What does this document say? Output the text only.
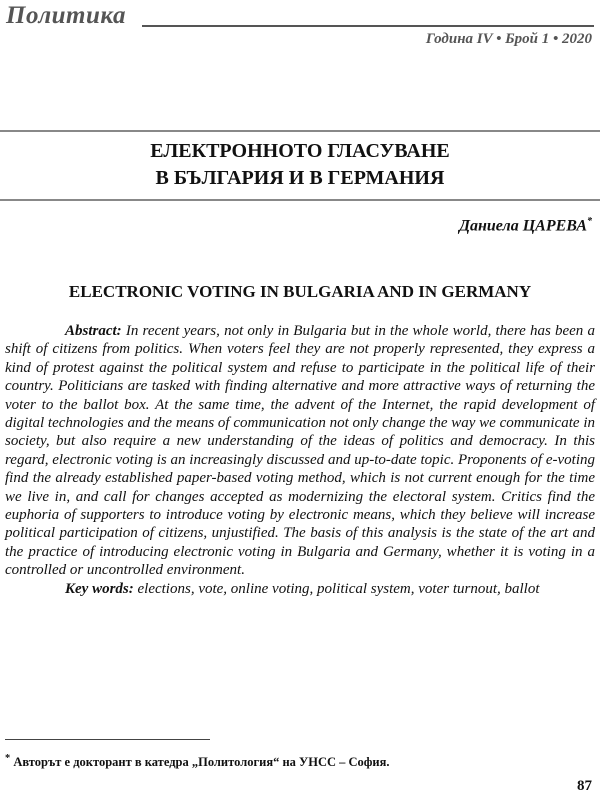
Политика
Година IV • Брой 1 • 2020
ЕЛЕКТРОННОТО ГЛАСУВАНЕ
В БЪЛГАРИЯ И В ГЕРМАНИЯ
Даниела ЦАРЕВА*
ELECTRONIC VOTING IN BULGARIA AND IN GERMANY

Abstract: In recent years, not only in Bulgaria but in the whole world, there has been a shift of citizens from politics. When voters feel they are not properly represented, they express a kind of protest against the political system and refuse to participate in the political life of their country. Politicians are tasked with finding alternative and more attractive ways of returning the voter to the ballot box. At the same time, the advent of the Internet, the rapid development of digital technologies and the means of communication not only change the way we communicate in society, but also require a new understanding of the ideas of politics and democracy. In this regard, electronic voting is an increasingly discussed and up-to-date topic. Proponents of e-voting find the already established paper-based voting method, which is not current enough for the time we live in, and call for changes accepted as modernizing the electoral system. Critics find the euphoria of supporters to introduce voting by electronic means, which they believe will increase political participation of citizens, unjustified. The basis of this analysis is the state of the art and the practice of introducing electronic voting in Bulgaria and Germany, whether it is voting in a controlled or uncontrolled environment.

Key words: elections, vote, online voting, political system, voter turnout, ballot

* Авторът е докторант в катедра „Политология“ на УНСС – София.
87
